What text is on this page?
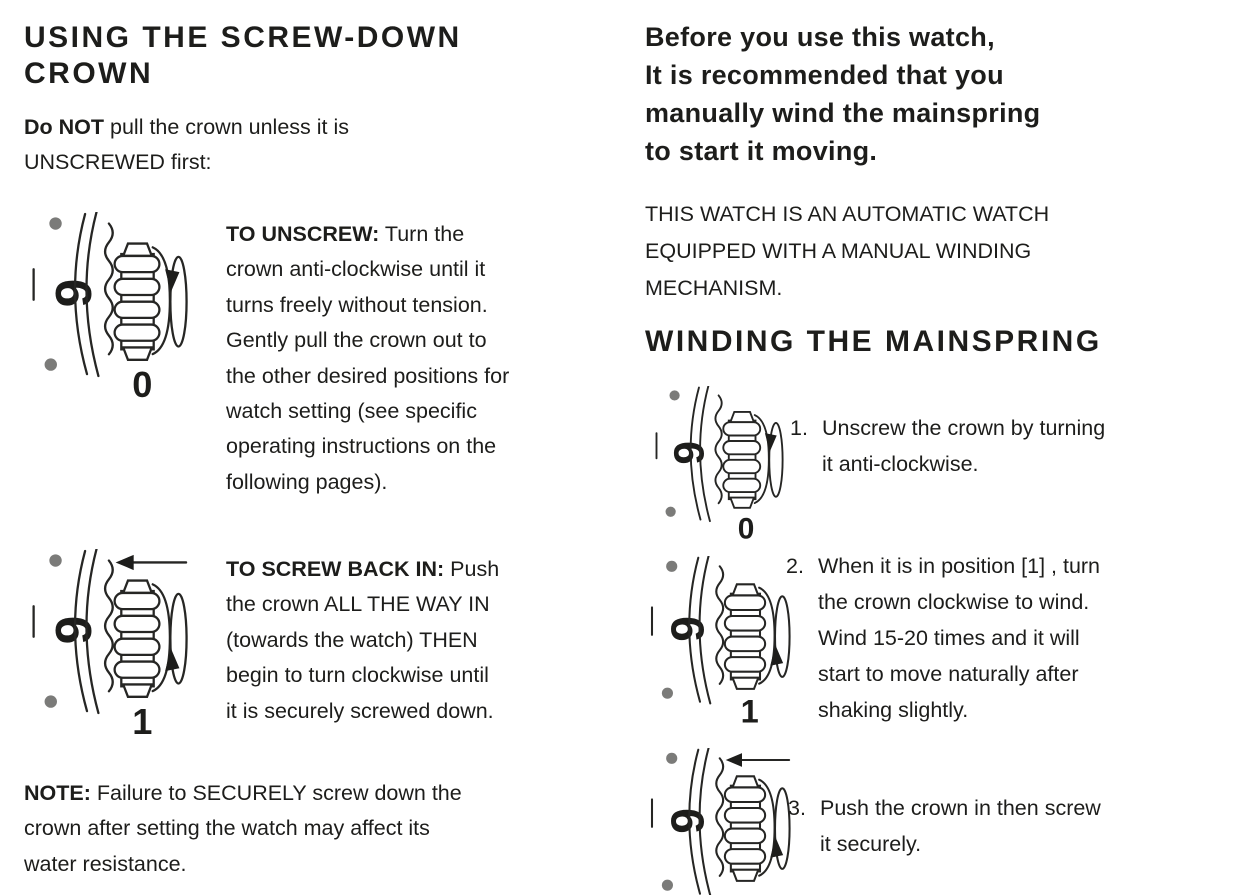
USING THE SCREW-DOWN
CROWN
Do NOT pull the crown unless it is
UNSCREWED first:
9
0
TO UNSCREW: Turn the
crown anti-clockwise until it
turns freely without tension.
Gently pull the crown out to
the other desired positions for
watch setting (see specific
operating instructions on the
following pages).
9
1
TO SCREW BACK IN: Push
the crown ALL THE WAY IN
(towards the watch) THEN
begin to turn clockwise until
it is securely screwed down.
NOTE: Failure to SECURELY screw down the
crown after setting the watch may affect its
water resistance.
Before you use this watch,
It is recommended that you
manually wind the mainspring
to start it moving.
THIS WATCH IS AN AUTOMATIC WATCH
EQUIPPED WITH A MANUAL WINDING
MECHANISM.
WINDING THE MAINSPRING
9
0
1. Unscrew the crown by turning
it anti-clockwise.
9
1
2. When it is in position [1] , turn
the crown clockwise to wind.
Wind 15-20 times and it will
start to move naturally after
shaking slightly.
9	3. Push the crown in then screw
it securely.
